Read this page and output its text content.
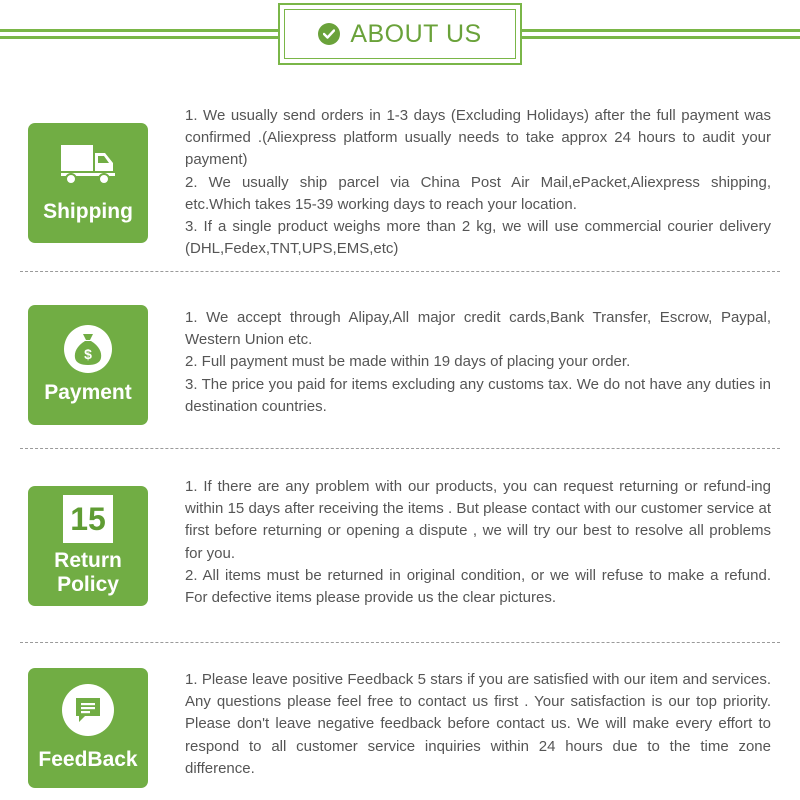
ABOUT US
Shipping

1. We usually send orders in 1-3 days (Excluding Holidays) after the full payment was confirmed .(Aliexpress platform usually needs to take approx 24 hours to audit your payment)

2. We usually ship parcel via China Post Air Mail,ePacket,Aliexpress shipping, etc.Which takes 15-39 working days to reach your location.

3. If a single product weighs more than 2 kg, we will use commercial courier delivery (DHL,Fedex,TNT,UPS,EMS,etc)

$
Payment

1. We accept through Alipay,All major credit cards,Bank Transfer, Escrow, Paypal, Western Union etc.

2. Full payment must be made within 19 days of placing your order.

3. The price you paid for items excluding any customs tax. We do not have any duties in destination countries.

15
Return
Policy

1. If there are any problem with our products, you can request returning or refund-ing within 15 days after receiving the items . But please contact with our customer service at first before returning or opening a dispute , we will try our best to resolve all problems for you.

2. All items must be returned in original condition, or we will refuse to make a refund. For defective items please provide us the clear pictures.

FeedBack

1. Please leave positive Feedback 5 stars if you are satisfied with our item and services. Any questions please feel free to contact us first . Your satisfaction is our top priority. Please don't leave negative feedback before contact us. We will make every effort to respond to all customer service inquiries within 24 hours due to the time zone difference.
